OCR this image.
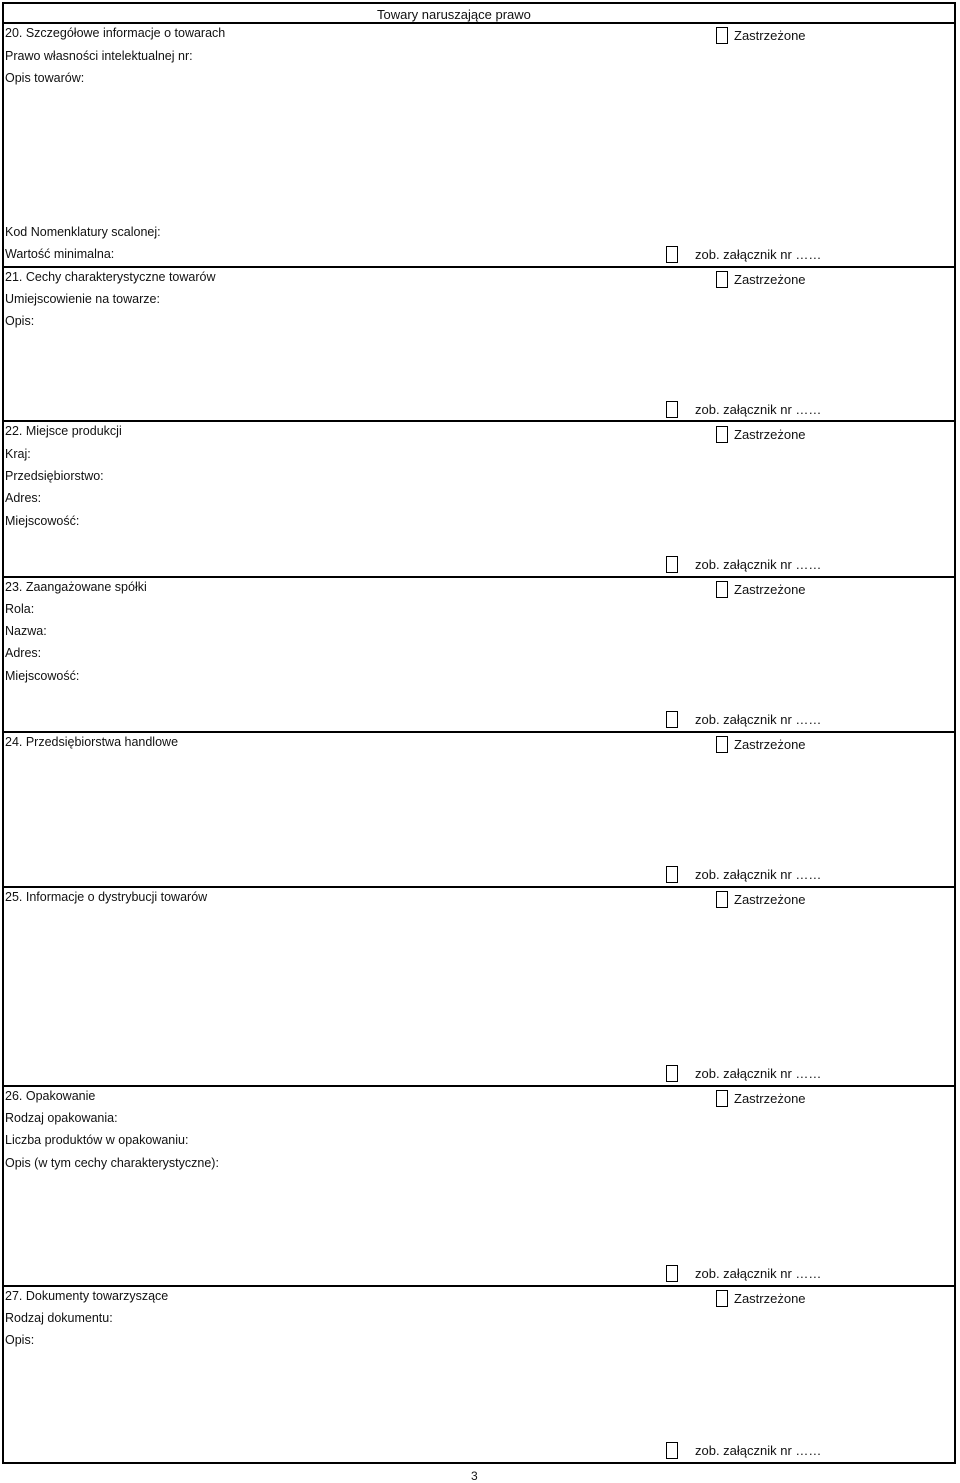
Towary naruszające prawo
20. Szczegółowe informacje o towarach
Prawo własności intelektualnej nr:
Opis towarów:
Kod Nomenklatury scalonej:
Wartość minimalna:
Zastrzeżone
zob. załącznik nr ……
21. Cechy charakterystyczne towarów
Umiejscowienie na towarze:
Opis:
Zastrzeżone
zob. załącznik nr ……
22. Miejsce produkcji
Kraj:
Przedsiębiorstwo:
Adres:
Miejscowość:
Zastrzeżone
zob. załącznik nr ……
23. Zaangażowane spółki
Rola:
Nazwa:
Adres:
Miejscowość:
Zastrzeżone
zob. załącznik nr ……
24. Przedsiębiorstwa handlowe	Zastrzeżone
zob. załącznik nr ……
25. Informacje o dystrybucji towarów	Zastrzeżone
zob. załącznik nr ……
26. Opakowanie
Rodzaj opakowania:
Liczba produktów w opakowaniu:
Opis (w tym cechy charakterystyczne):
Zastrzeżone
zob. załącznik nr ……
27. Dokumenty towarzyszące
Rodzaj dokumentu:
Opis:
Zastrzeżone
zob. załącznik nr ……
3
